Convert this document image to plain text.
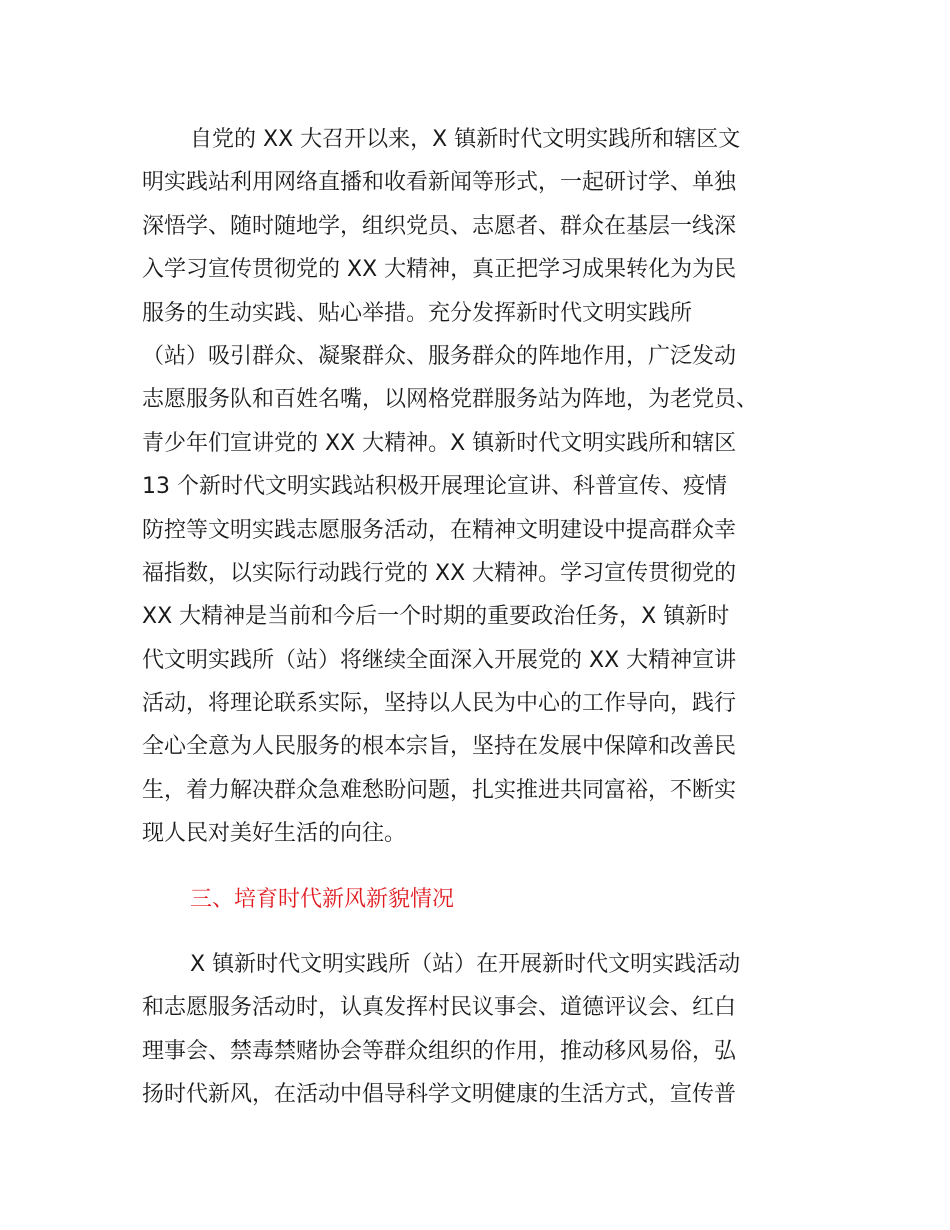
自党的 XX 大召开以来，X 镇新时代文明实践所和辖区文
明实践站利用网络直播和收看新闻等形式，一起研讨学、单独
深悟学、随时随地学，组织党员、志愿者、群众在基层一线深
入学习宣传贯彻党的 XX 大精神，真正把学习成果转化为为民
服务的生动实践、贴心举措。充分发挥新时代文明实践所
（站）吸引群众、凝聚群众、服务群众的阵地作用，广泛发动
志愿服务队和百姓名嘴，以网格党群服务站为阵地，为老党员、
青少年们宣讲党的 XX 大精神。X 镇新时代文明实践所和辖区
13 个新时代文明实践站积极开展理论宣讲、科普宣传、疫情
防控等文明实践志愿服务活动，在精神文明建设中提高群众幸
福指数，以实际行动践行党的 XX 大精神。学习宣传贯彻党的
XX 大精神是当前和今后一个时期的重要政治任务，X 镇新时
代文明实践所（站）将继续全面深入开展党的 XX 大精神宣讲
活动，将理论联系实际，坚持以人民为中心的工作导向，践行
全心全意为人民服务的根本宗旨，坚持在发展中保障和改善民
生，着力解决群众急难愁盼问题，扎实推进共同富裕，不断实
现人民对美好生活的向往。
三、培育时代新风新貌情况
X 镇新时代文明实践所（站）在开展新时代文明实践活动
和志愿服务活动时，认真发挥村民议事会、道德评议会、红白
理事会、禁毒禁赌协会等群众组织的作用，推动移风易俗，弘
扬时代新风，在活动中倡导科学文明健康的生活方式，宣传普
